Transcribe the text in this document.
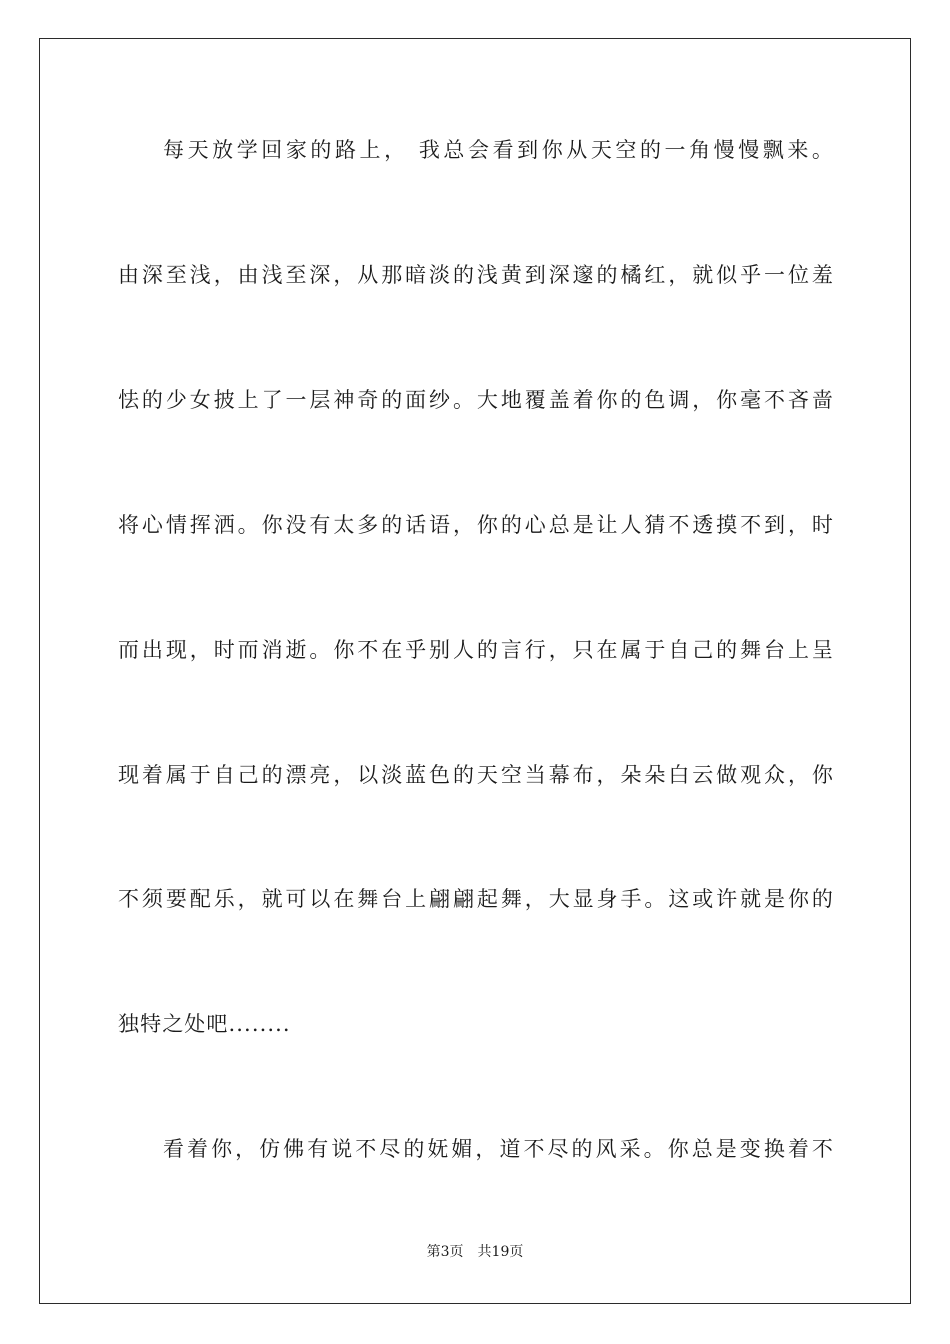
每天放学回家的路上， 我总会看到你从天空的一角慢慢飘来。
由深至浅，由浅至深，从那暗淡的浅黄到深邃的橘红，就似乎一位羞
怯的少女披上了一层神奇的面纱。大地覆盖着你的色调，你毫不吝啬
将心情挥洒。你没有太多的话语，你的心总是让人猜不透摸不到，时
而出现，时而消逝。你不在乎别人的言行，只在属于自己的舞台上呈
现着属于自己的漂亮，以淡蓝色的天空当幕布，朵朵白云做观众，你
不须要配乐，就可以在舞台上翩翩起舞，大显身手。这或许就是你的
独特之处吧........
看着你，仿佛有说不尽的妩媚，道不尽的风采。你总是变换着不
第3页 共19页
